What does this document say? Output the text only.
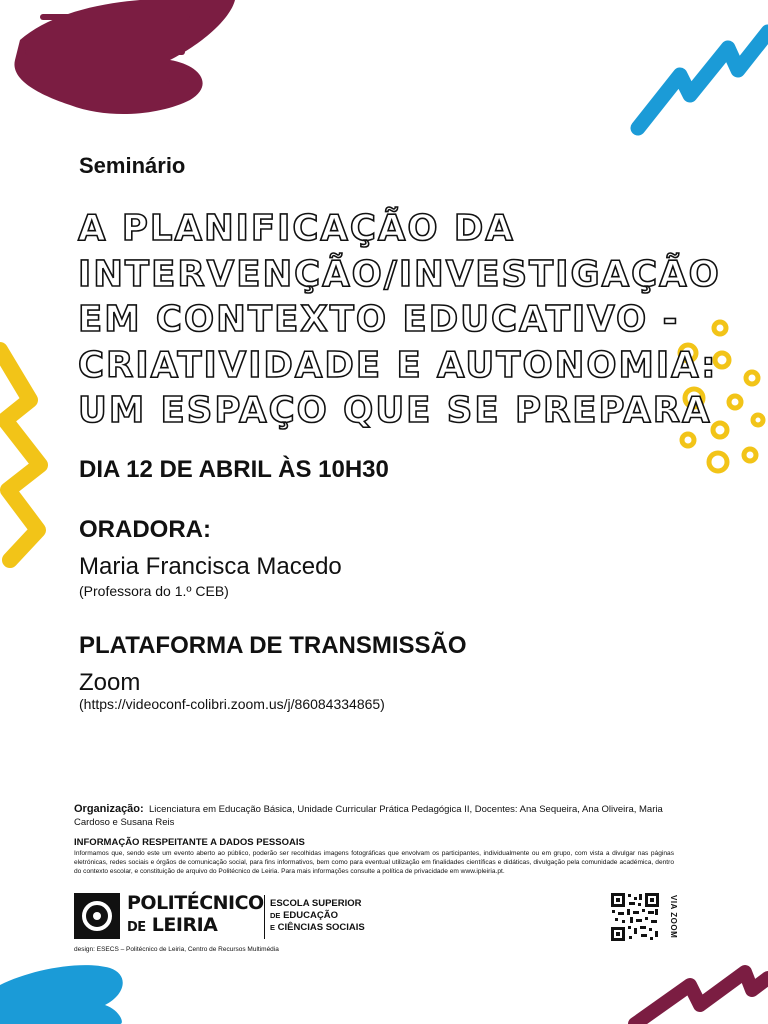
Seminário

A PLANIFICAÇÃO DA
INTERVENÇÃO/INVESTIGAÇÃO
EM CONTEXTO EDUCATIVO -
CRIATIVIDADE E AUTONOMIA:
UM ESPAÇO QUE SE PREPARA

DIA 12 DE ABRIL ÀS 10H30

ORADORA:

Maria Francisca Macedo

(Professora do 1.º CEB)

PLATAFORMA DE TRANSMISSÃO

Zoom

(https://videoconf-colibri.zoom.us/j/86084334865)

Organização: Licenciatura em Educação Básica, Unidade Curricular Prática Pedagógica II, Docentes: Ana Sequeira, Ana Oliveira, Maria Cardoso e Susana Reis

INFORMAÇÃO RESPEITANTE A DADOS PESSOAIS

Informamos que, sendo este um evento aberto ao público, poderão ser recolhidas imagens fotográficas que envolvam os participantes, individualmente ou em grupo, com vista a divulgar nas páginas eletrónicas, redes sociais e órgãos de comunicação social, para fins informativos, bem como para eventual utilização em finalidades científicas e didáticas, divulgação pela comunidade académica, dentro do contexto escolar, e constituição de arquivo do Politécnico de Leiria. Para mais informações consulte a política de privacidade em www.ipleiria.pt.

POLITÉCNICO
DE LEIRIA
ESCOLA SUPERIOR
DE EDUCAÇÃO
E CIÊNCIAS SOCIAIS

design: ESECS – Politécnico de Leiria, Centro de Recursos Multimédia

VIA ZOOM
